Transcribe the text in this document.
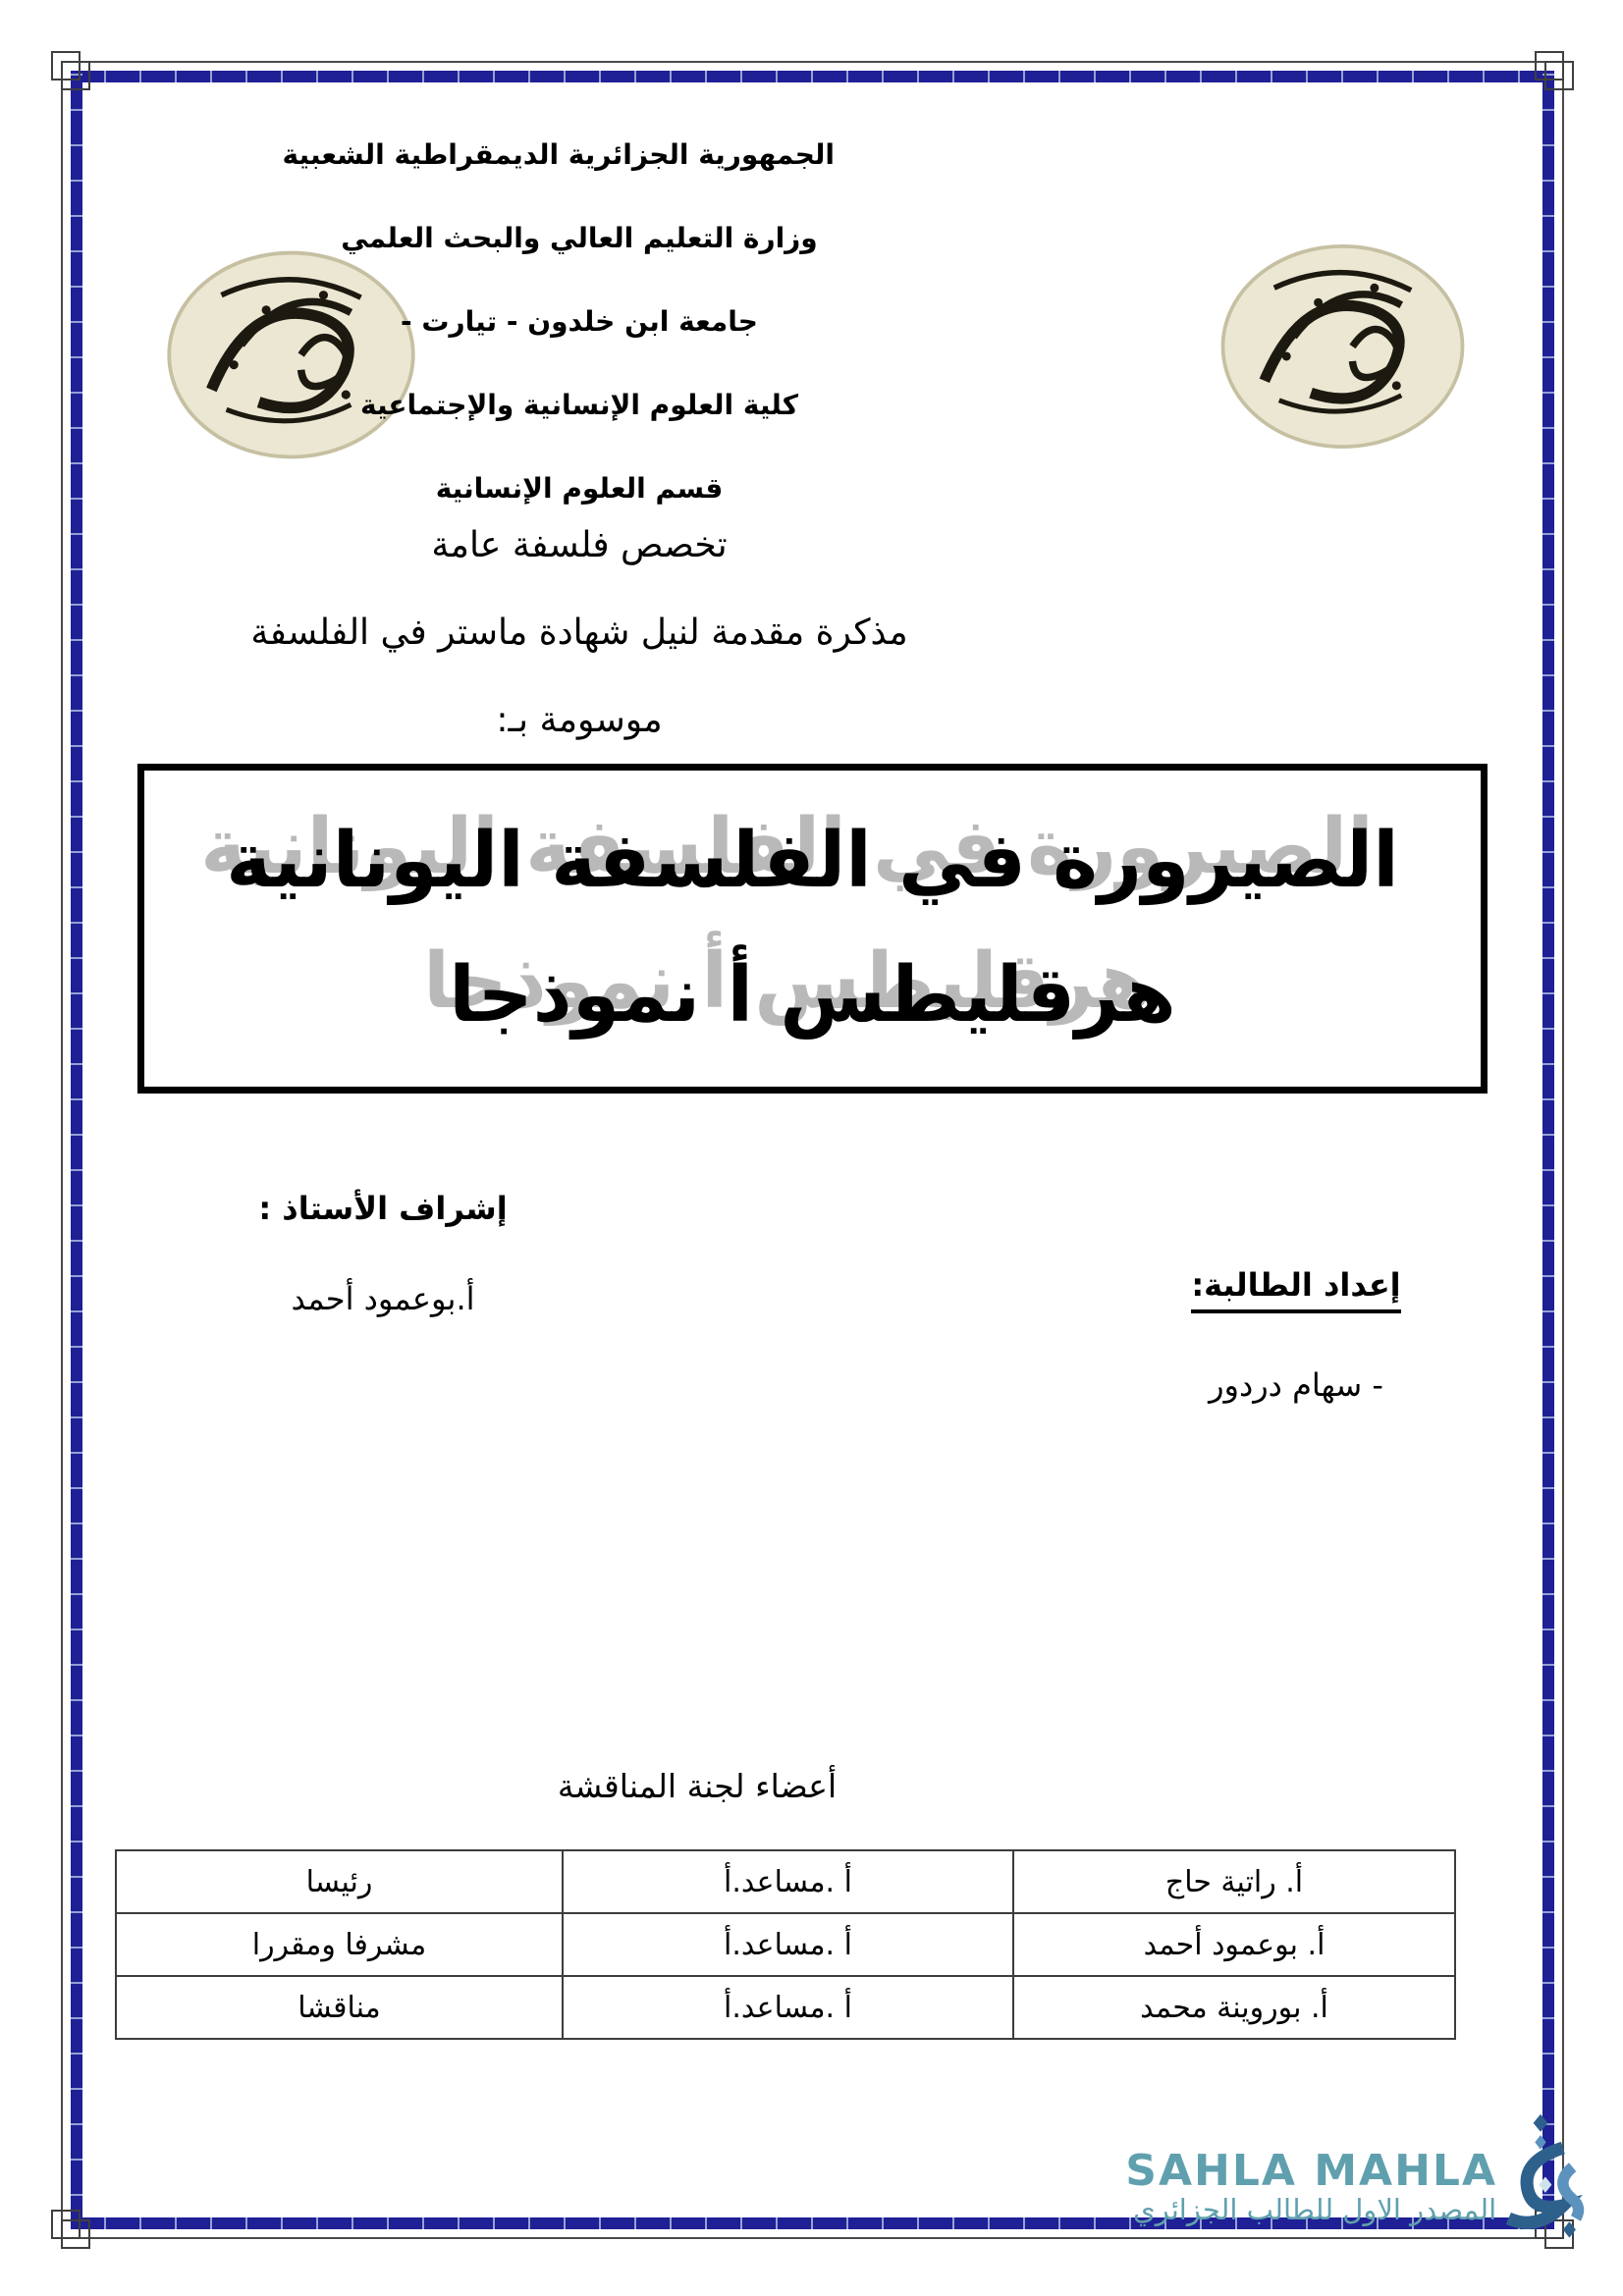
الجمهورية الجزائرية الديمقراطية الشعبية
وزارة التعليم العالي والبحث العلمي
جامعة ابن خلدون - تيارت -
كلية العلوم الإنسانية والإجتماعية
قسم العلوم الإنسانية
تخصص فلسفة عامة
مذكرة مقدمة لنيل شهادة ماستر في الفلسفة
موسومة بـ:
الصيرورة في الفلسفة اليونانية
هرقليطس أ نموذجا
إشراف الأستاذ :
أ.بوعمود أحمد	إعداد الطالبة:
- سهام دردور
أعضاء لجنة المناقشة
أ. راتية حاج	أ .مساعد.أ	رئيسا
أ. بوعمود أحمد	أ .مساعد.أ	مشرفا ومقررا
أ. بوروينة محمد	أ .مساعد.أ	مناقشا
SAHLA MAHLA
المصدر الاول للطالب الجزائري
